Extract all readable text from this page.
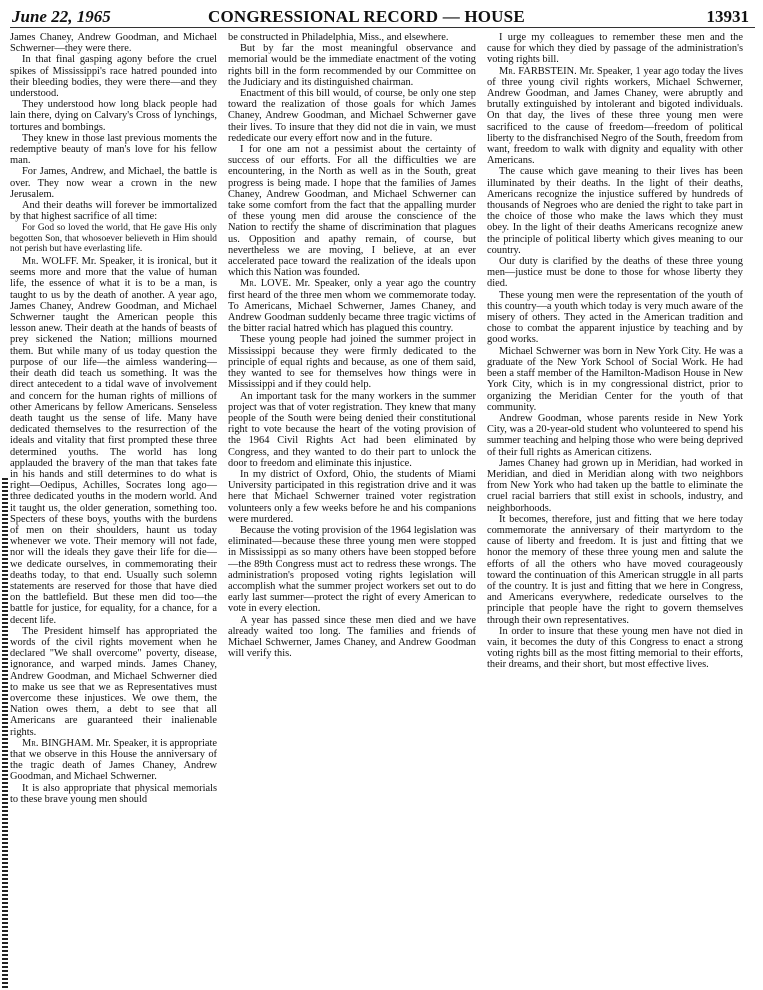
June 22, 1965	CONGRESSIONAL RECORD — HOUSE	13931

James Chaney, Andrew Goodman, and Michael Schwerner—they were there.

In that final gasping agony before the cruel spikes of Mississippi's race hatred pounded into their bleeding bodies, they were there—and they understood.

They understood how long black people had lain there, dying on Calvary's Cross of lynchings, tortures and bombings.

They knew in those last previous moments the redemptive beauty of man's love for his fellow man.

For James, Andrew, and Michael, the battle is over. They now wear a crown in the new Jerusalem.

And their deaths will forever be immortalized by that highest sacrifice of all time:

For God so loved the world, that He gave His only begotten Son, that whosoever believeth in Him should not perish but have everlasting life.

Mr. WOLFF. Mr. Speaker, it is ironical, but it seems more and more that the value of human life, the essence of what it is to be a man, is taught to us by the death of another. A year ago, James Chaney, Andrew Goodman, and Michael Schwerner taught the American people this lesson anew. Their death at the hands of beasts of prey sickened the Nation; millions mourned them. But while many of us today question the purpose of our life—the aimless wandering—their death did teach us something. It was the direct antecedent to a tidal wave of involvement and concern for the human rights of millions of other Americans by fellow Americans. Senseless death taught us the sense of life. Many have dedicated themselves to the resurrection of the ideals and vitality that first prompted these three determined youths. The world has long applauded the bravery of the man that takes fate in his hands and still determines to do what is right—Oedipus, Achilles, Socrates long ago—three dedicated youths in the modern world. And it taught us, the older generation, something too. Specters of these boys, youths with the burdens of men on their shoulders, haunt us today whenever we vote. Their memory will not fade, nor will the ideals they gave their life for die—we dedicate ourselves, in commemorating their deaths today, to that end. Usually such solemn statements are reserved for those that have died on the battlefield. But these men did too—the battle for justice, for equality, for a chance, for a decent life.

The President himself has appropriated the words of the civil rights movement when he declared "We shall overcome" poverty, disease, ignorance, and warped minds. James Chaney, Andrew Goodman, and Michael Schwerner died to make us see that we as Representatives must overcome these injustices. We owe them, the Nation owes them, a debt to see that all Americans are guaranteed their inalienable rights.

Mr. BINGHAM. Mr. Speaker, it is appropriate that we observe in this House the anniversary of the tragic death of James Chaney, Andrew Goodman, and Michael Schwerner.

It is also appropriate that physical memorials to these brave young men should

be constructed in Philadelphia, Miss., and elsewhere.

But by far the most meaningful observance and memorial would be the immediate enactment of the voting rights bill in the form recommended by our Committee on the Judiciary and its distinguished chairman.

Enactment of this bill would, of course, be only one step toward the realization of those goals for which James Chaney, Andrew Goodman, and Michael Schwerner gave their lives. To insure that they did not die in vain, we must rededicate our every effort now and in the future.

I for one am not a pessimist about the certainty of success of our efforts. For all the difficulties we are encountering, in the North as well as in the South, great progress is being made. I hope that the families of James Chaney, Andrew Goodman, and Michael Schwerner can take some comfort from the fact that the appalling murder of these young men did arouse the conscience of the Nation to rectify the shame of discrimination that plagues us. Opposition and apathy remain, of course, but nevertheless we are moving, I believe, at an ever accelerated pace toward the realization of the ideals upon which this Nation was founded.

Mr. LOVE. Mr. Speaker, only a year ago the country first heard of the three men whom we commemorate today. To Americans, Michael Schwerner, James Chaney, and Andrew Goodman suddenly became three tragic victims of the bitter racial hatred which has plagued this country.

These young people had joined the summer project in Mississippi because they were firmly dedicated to the principle of equal rights and because, as one of them said, they wanted to see for themselves how things were in Mississippi and if they could help.

An important task for the many workers in the summer project was that of voter registration. They knew that many people of the South were being denied their constitutional right to vote because the heart of the voting provision of the 1964 Civil Rights Act had been eliminated by Congress, and they wanted to do their part to unlock the door to freedom and eliminate this injustice.

In my district of Oxford, Ohio, the students of Miami University participated in this registration drive and it was here that Michael Schwerner trained voter registration volunteers only a few weeks before he and his companions were murdered.

Because the voting provision of the 1964 legislation was eliminated—because these three young men were stopped in Mississippi as so many others have been stopped before—the 89th Congress must act to redress these wrongs. The administration's proposed voting rights legislation will accomplish what the summer project workers set out to do early last summer—protect the right of every American to vote in every election.

A year has passed since these men died and we have already waited too long. The families and friends of Michael Schwerner, James Chaney, and Andrew Goodman will verify this.

I urge my colleagues to remember these men and the cause for which they died by passage of the administration's voting rights bill.

Mr. FARBSTEIN. Mr. Speaker, 1 year ago today the lives of three young civil rights workers, Michael Schwerner, Andrew Goodman, and James Chaney, were abruptly and brutally extinguished by intolerant and bigoted individuals. On that day, the lives of these three young men were sacrificed to the cause of freedom—freedom of political liberty to the disfranchised Negro of the South, freedom from want, freedom to walk with dignity and equality with other Americans.

The cause which gave meaning to their lives has been illuminated by their deaths. In the light of their deaths, Americans recognize the injustice suffered by hundreds of thousands of Negroes who are denied the right to take part in the choice of those who make the laws which they must obey. In the light of their deaths Americans recognize anew the principle of political liberty which gives meaning to our country.

Our duty is clarified by the deaths of these three young men—justice must be done to those for whose liberty they died.

These young men were the representation of the youth of this country—a youth which today is very much aware of the misery of others. They acted in the American tradition and chose to combat the apparent injustice by teaching and by good works.

Michael Schwerner was born in New York City. He was a graduate of the New York School of Social Work. He had been a staff member of the Hamilton-Madison House in New York City, which is in my congressional district, prior to organizing the Meridian Center for the youth of that community.

Andrew Goodman, whose parents reside in New York City, was a 20-year-old student who volunteered to spend his summer teaching and helping those who were being deprived of their full rights as American citizens.

James Chaney had grown up in Meridian, had worked in Meridian, and died in Meridian along with two neighbors from New York who had taken up the battle to eliminate the cruel racial barriers that still exist in schools, industry, and neighborhoods.

It becomes, therefore, just and fitting that we here today commemorate the anniversary of their martyrdom to the cause of liberty and freedom. It is just and fitting that we honor the memory of these three young men and salute the efforts of all the others who have moved courageously toward the continuation of this American struggle in all parts of the country. It is just and fitting that we here in Congress, and Americans everywhere, rededicate ourselves to the principle that people have the right to govern themselves through their own representatives.

In order to insure that these young men have not died in vain, it becomes the duty of this Congress to enact a strong voting rights bill as the most fitting memorial to their efforts, their dreams, and their short, but most effective lives.
